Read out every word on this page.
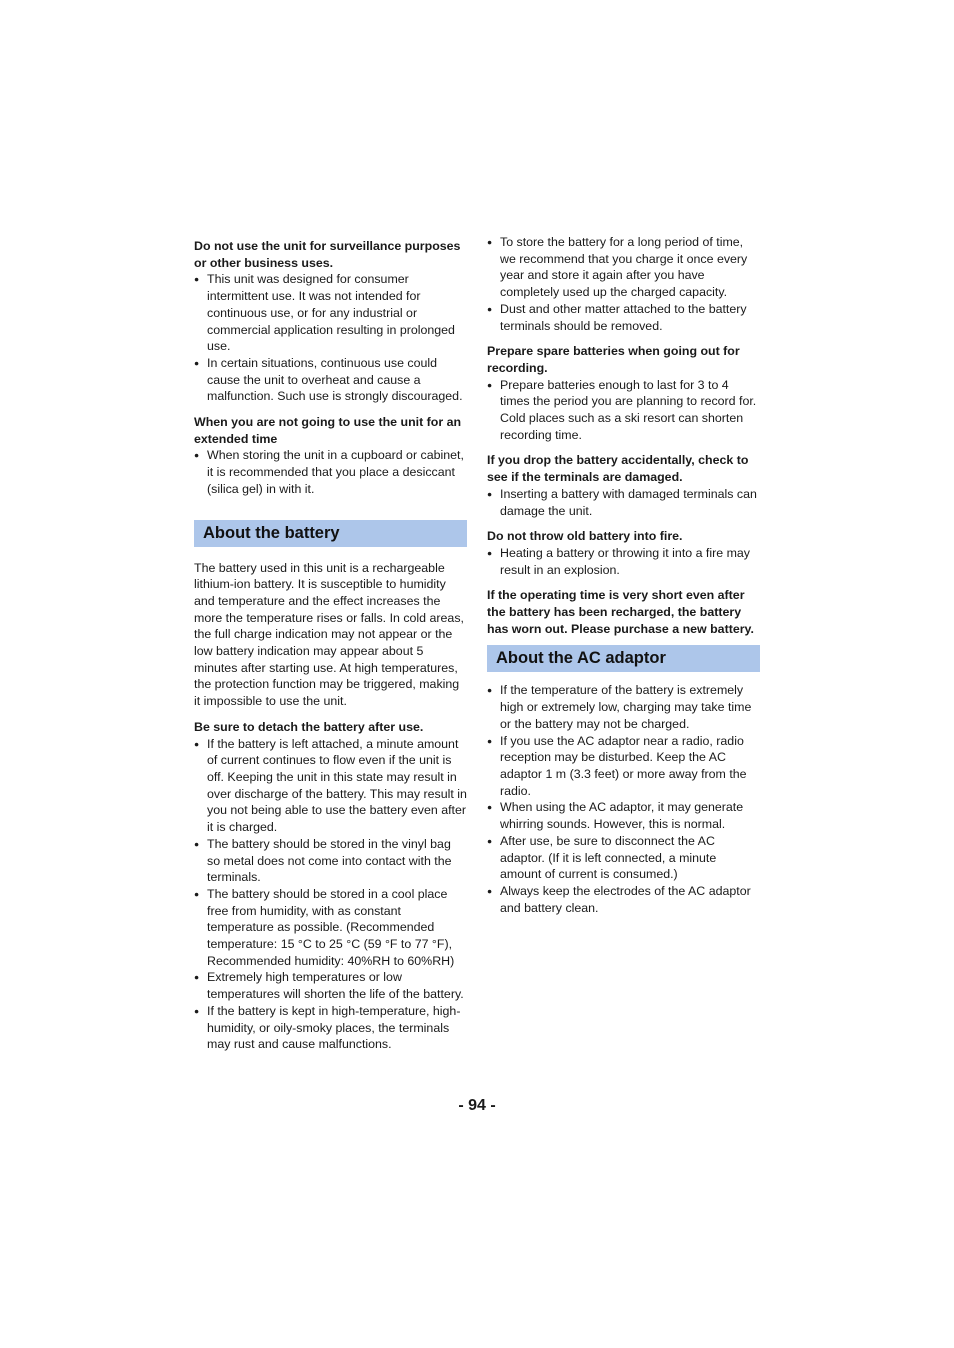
Do not use the unit for surveillance purposes or other business uses.

● This unit was designed for consumer intermittent use. It was not intended for continuous use, or for any industrial or commercial application resulting in prolonged use.
● In certain situations, continuous use could cause the unit to overheat and cause a malfunction. Such use is strongly discouraged.

When you are not going to use the unit for an extended time

● When storing the unit in a cupboard or cabinet, it is recommended that you place a desiccant (silica gel) in with it.
About the battery

The battery used in this unit is a rechargeable lithium-ion battery. It is susceptible to humidity and temperature and the effect increases the more the temperature rises or falls. In cold areas, the full charge indication may not appear or the low battery indication may appear about 5 minutes after starting use. At high temperatures, the protection function may be triggered, making it impossible to use the unit.

Be sure to detach the battery after use.

● If the battery is left attached, a minute amount of current continues to flow even if the unit is off. Keeping the unit in this state may result in over discharge of the battery. This may result in you not being able to use the battery even after it is charged.
● The battery should be stored in the vinyl bag so metal does not come into contact with the terminals.
● The battery should be stored in a cool place free from humidity, with as constant temperature as possible. (Recommended temperature: 15 °C to 25 °C (59 °F to 77 °F), Recommended humidity: 40%RH to 60%RH)
● Extremely high temperatures or low temperatures will shorten the life of the battery.
● If the battery is kept in high-temperature, high-humidity, or oily-smoky places, the terminals may rust and cause malfunctions.
● To store the battery for a long period of time, we recommend that you charge it once every year and store it again after you have completely used up the charged capacity.
● Dust and other matter attached to the battery terminals should be removed.

Prepare spare batteries when going out for recording.

● Prepare batteries enough to last for 3 to 4 times the period you are planning to record for. Cold places such as a ski resort can shorten recording time.

If you drop the battery accidentally, check to see if the terminals are damaged.

● Inserting a battery with damaged terminals can damage the unit.

Do not throw old battery into fire.

● Heating a battery or throwing it into a fire may result in an explosion.

If the operating time is very short even after the battery has been recharged, the battery has worn out. Please purchase a new battery.

About the AC adaptor
● If the temperature of the battery is extremely high or extremely low, charging may take time or the battery may not be charged.
● If you use the AC adaptor near a radio, radio reception may be disturbed. Keep the AC adaptor 1 m (3.3 feet) or more away from the radio.
● When using the AC adaptor, it may generate whirring sounds. However, this is normal.
● After use, be sure to disconnect the AC adaptor. (If it is left connected, a minute amount of current is consumed.)
● Always keep the electrodes of the AC adaptor and battery clean.
- 94 -
